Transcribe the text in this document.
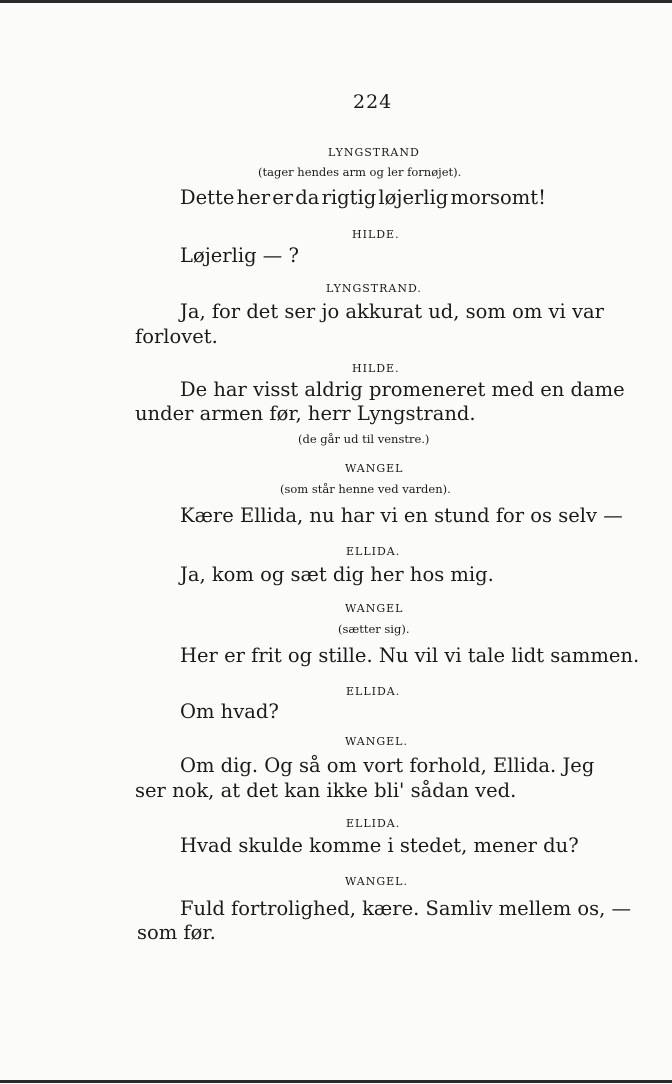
224
LYNGSTRAND
(tager hendes arm og ler fornøjet).
Dette her er da rigtig løjerlig morsomt!
HILDE.
Løjerlig — ?
LYNGSTRAND.
Ja, for det ser jo akkurat ud, som om vi var
forlovet.
HILDE.
De har visst aldrig promeneret med en dame
under armen før, herr Lyngstrand.
(de går ud til venstre.)
WANGEL
(som står henne ved varden).
Kære Ellida, nu har vi en stund for os selv —
ELLIDA.
Ja, kom og sæt dig her hos mig.
WANGEL
(sætter sig).
Her er frit og stille. Nu vil vi tale lidt sammen.
ELLIDA.
Om hvad?
WANGEL.
Om dig. Og så om vort forhold, Ellida. Jeg
ser nok, at det kan ikke bli' sådan ved.
ELLIDA.
Hvad skulde komme i stedet, mener du?
WANGEL.
Fuld fortrolighed, kære. Samliv mellem os, —
som før.
